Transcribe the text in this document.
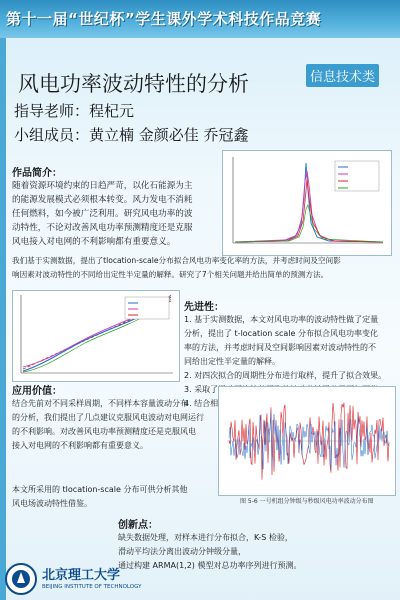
第十一届“世纪杯”学生课外学术科技作品竞赛
风电功率波动特性的分析	信息技术类
指导老师：程杞元
小组成员：黄立楠 金颜必佳 乔冠鑫
作品简介：
随着资源环境约束的日趋严苛，以化石能源为主
的能源发展模式必须根本转变。风力发电不消耗
任何燃料，如今被广泛利用。研究风电功率的波
动特性，不论对改善风电功率预测精度还是克服
风电接入对电网的不利影响都有重要意义。
我们基于实测数据，提出了tlocation-scale分布拟合风电功率变化率的方法，并考虑时间及空间影
响因素对波动特性的不同给出定性半定量的解释。研究了7个相关问题并给出简单的预测方法。
先进性：
1. 基于实测数据，本文对风电功率的波动特性做了定量
分析，提出了 t-location scale 分布拟合风电功率变化
率的方法，并考虑时间及空间影响因素对波动特性的不
同给出定性半定量的解释。
2. 对四次拟合的周期性分布进行取样，提升了拟合效果。
3. 采取了滑动平均法使提取的波动分钟级分量更加可靠。
4. 结合相关技巧，增加 ARMA 模型在非线性的拟合效果。
应用价值：
结合先前对不同采样周期，不同样本容量波动分布
的分析，我们提出了几点建议克服风电波动对电网运行
的不利影响。对改善风电功率预测精度还是克服风电
接入对电网的不利影响都有重要意义。
本文所采用的 tlocation-scale 分布可供分析其他
风电场波动特性借鉴。	图 5-6 一号机组分钟级与秒级风电功率波动分布图
创新点：
缺失数据处理，对样本进行分布拟合，K-S 检验，
滑动平均法分离出波动分钟级分量，
通过构建 ARMA(1,2) 模型对总功率序列进行预测。
北京理工大学
BEIJING INSTITUTE OF TECHNOLOGY
